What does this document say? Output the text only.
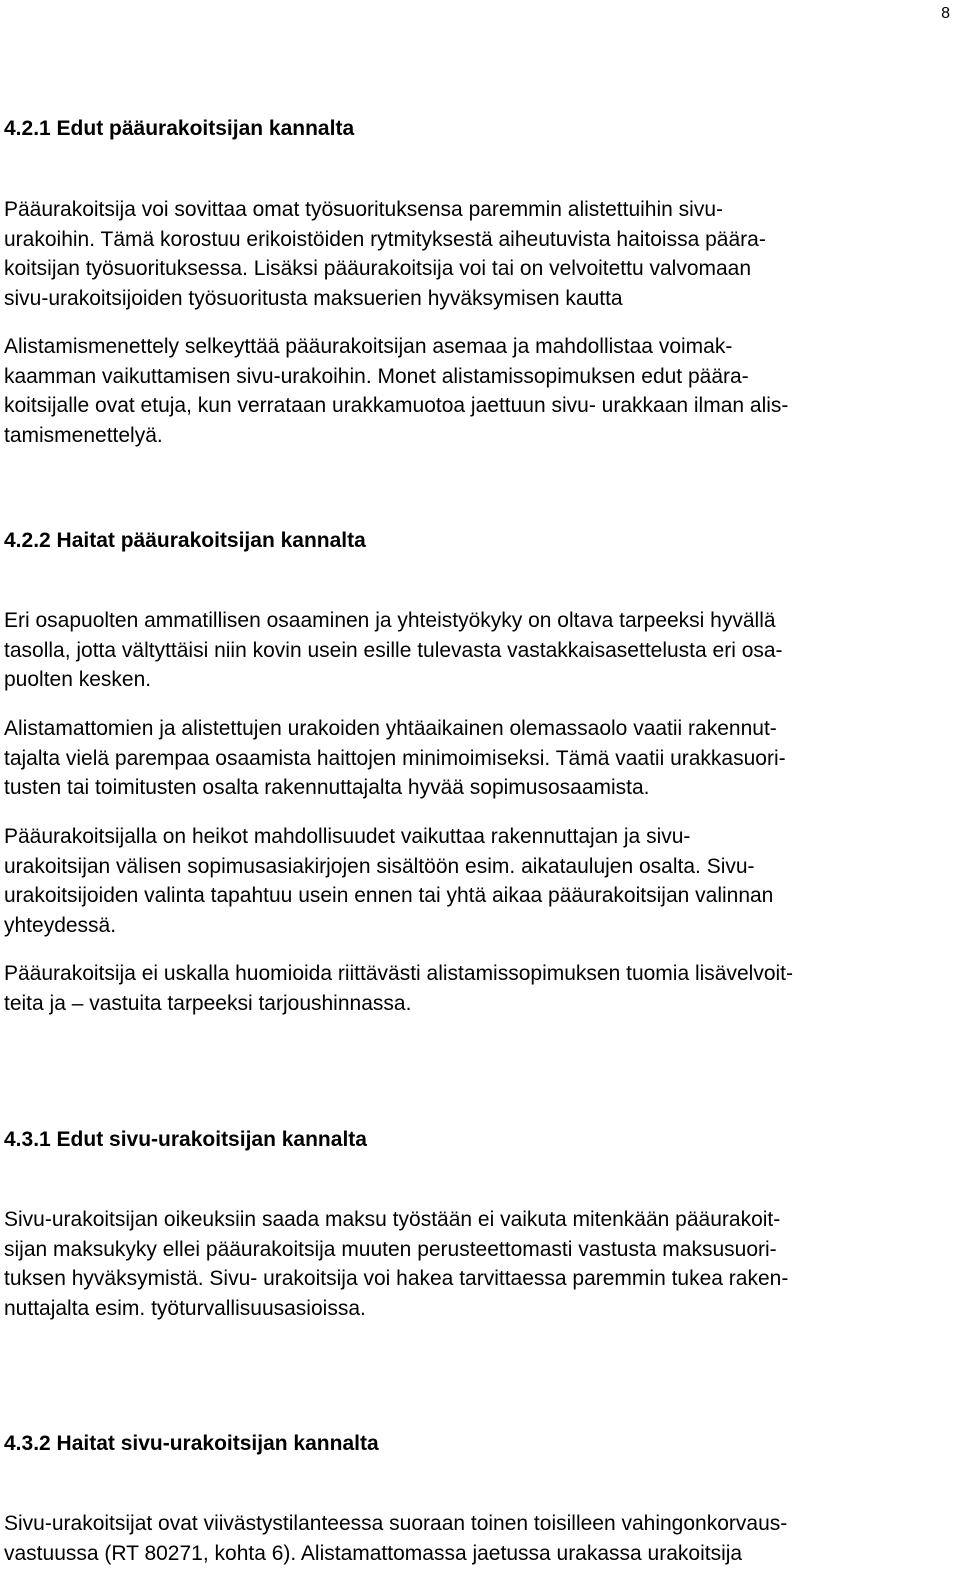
8
4.2.1 Edut pääurakoitsijan kannalta

Pääurakoitsija voi sovittaa omat työsuorituksensa paremmin alistettuihin sivu-
urakoihin. Tämä korostuu erikoistöiden rytmityksestä aiheutuvista haitoissa päära-
koitsijan työsuorituksessa. Lisäksi pääurakoitsija voi tai on velvoitettu valvomaan
sivu-urakoitsijoiden työsuoritusta maksuerien hyväksymisen kautta

Alistamismenettely selkeyttää pääurakoitsijan asemaa ja mahdollistaa voimak-
kaamman vaikuttamisen sivu-urakoihin. Monet alistamissopimuksen edut päära-
koitsijalle ovat etuja, kun verrataan urakkamuotoa jaettuun sivu- urakkaan ilman alis-
tamismenettelyä.

4.2.2 Haitat pääurakoitsijan kannalta

Eri osapuolten ammatillisen osaaminen ja yhteistyökyky on oltava tarpeeksi hyvällä
tasolla, jotta vältyttäisi niin kovin usein esille tulevasta vastakkaisasettelusta eri osa-
puolten kesken.

Alistamattomien ja alistettujen urakoiden yhtäaikainen olemassaolo vaatii rakennut-
tajalta vielä parempaa osaamista haittojen minimoimiseksi. Tämä vaatii urakkasuori-
tusten tai toimitusten osalta rakennuttajalta hyvää sopimusosaamista.

Pääurakoitsijalla on heikot mahdollisuudet vaikuttaa rakennuttajan ja sivu-
urakoitsijan välisen sopimusasiakirjojen sisältöön esim. aikataulujen osalta. Sivu-
urakoitsijoiden valinta tapahtuu usein ennen tai yhtä aikaa pääurakoitsijan valinnan
yhteydessä.

Pääurakoitsija ei uskalla huomioida riittävästi alistamissopimuksen tuomia lisävelvoit-
teita ja – vastuita tarpeeksi tarjoushinnassa.

4.3.1 Edut sivu-urakoitsijan kannalta

Sivu-urakoitsijan oikeuksiin saada maksu työstään ei vaikuta mitenkään pääurakoit-
sijan maksukyky ellei pääurakoitsija muuten perusteettomasti vastusta maksusuori-
tuksen hyväksymistä. Sivu- urakoitsija voi hakea tarvittaessa paremmin tukea raken-
nuttajalta esim. työturvallisuusasioissa.

4.3.2 Haitat sivu-urakoitsijan kannalta

Sivu-urakoitsijat ovat viivästystilanteessa suoraan toinen toisilleen vahingonkorvaus-
vastuussa (RT 80271, kohta 6). Alistamattomassa jaetussa urakassa urakoitsija
